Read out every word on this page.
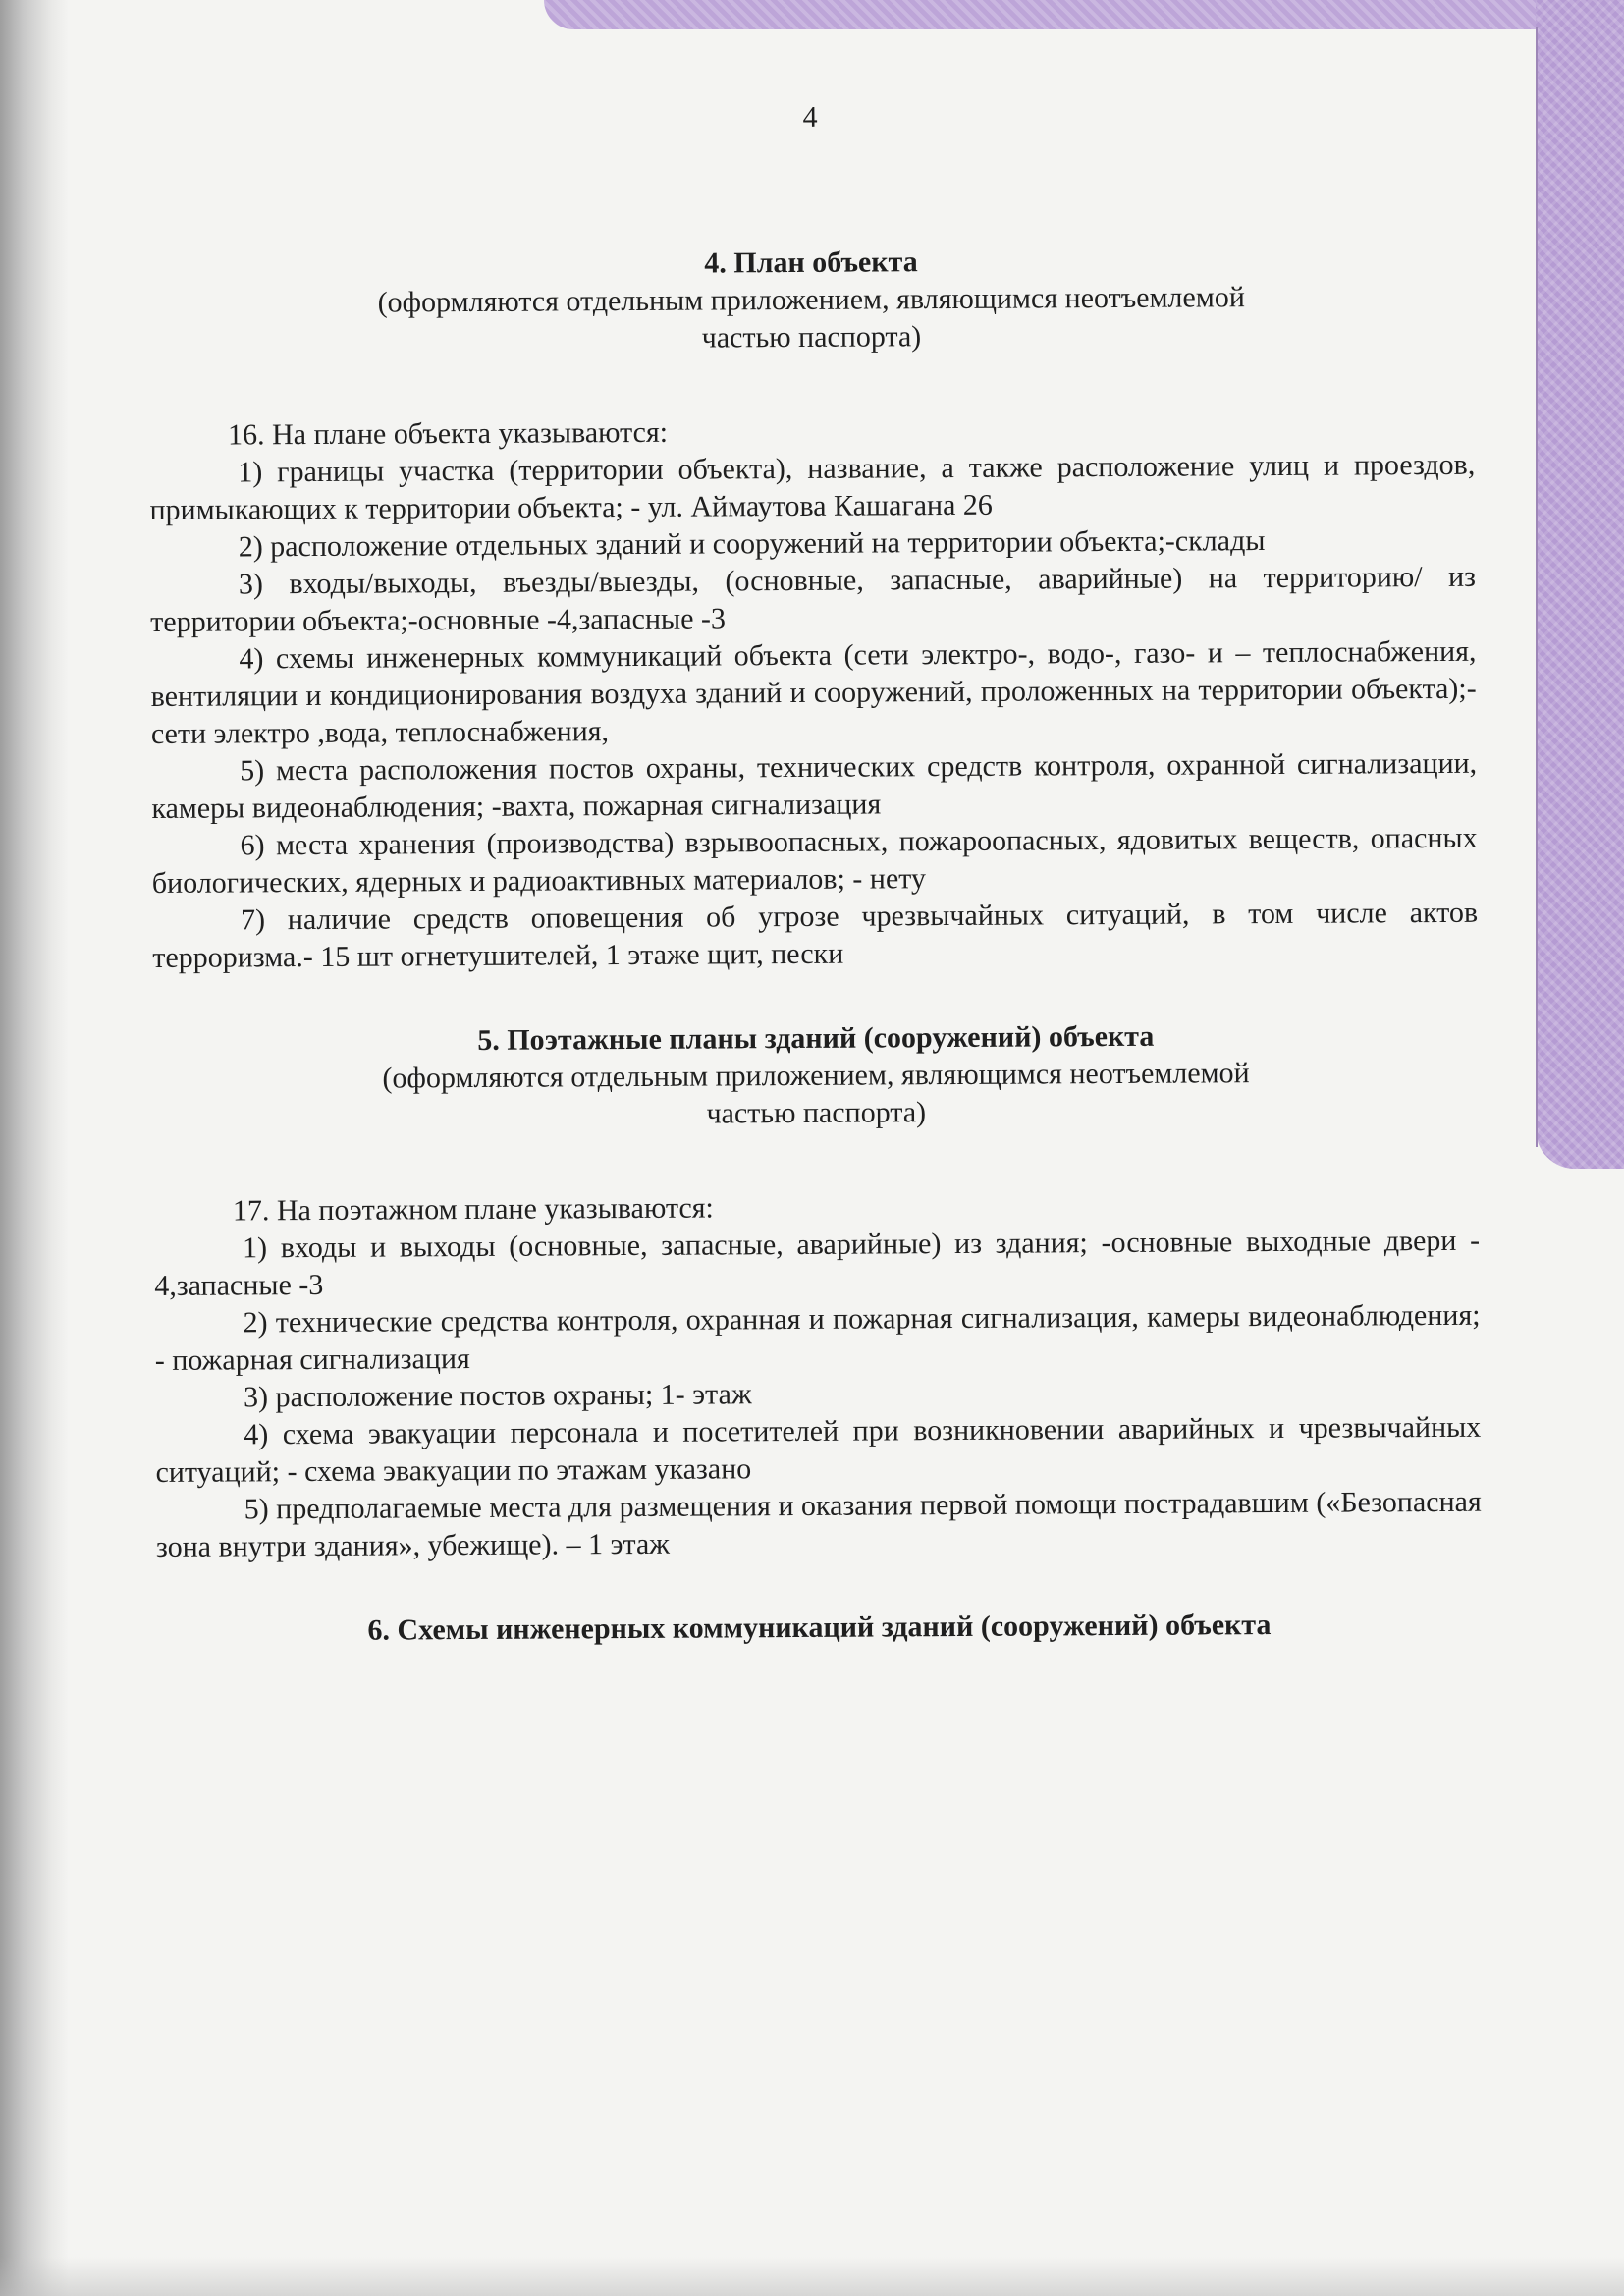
4

4. План объекта

(оформляются отдельным приложением, являющимся неотъемлемой

частью паспорта)

16. На плане объекта указываются:

1) границы участка (территории объекта), название, а также расположение улиц и проездов, примыкающих к территории объекта; - ул. Аймаутова Кашагана 26

2) расположение отдельных зданий и сооружений на территории объекта;-склады

3) входы/выходы, въезды/выезды, (основные, запасные, аварийные) на территорию/ из территории объекта;-основные -4,запасные -3

4) схемы инженерных коммуникаций объекта (сети электро-, водо-, газо- и – теплоснабжения, вентиляции и кондиционирования воздуха зданий и сооружений, проложенных на территории объекта);-сети электро ,вода, теплоснабжения,

5) места расположения постов охраны, технических средств контроля, охранной сигнализации, камеры видеонаблюдения; -вахта, пожарная сигнализация

6) места хранения (производства) взрывоопасных, пожароопасных, ядовитых веществ, опасных биологических, ядерных и радиоактивных материалов; - нету

7) наличие средств оповещения об угрозе чрезвычайных ситуаций, в том числе актов терроризма.- 15 шт огнетушителей, 1 этаже щит, пески

5. Поэтажные планы зданий (сооружений) объекта

(оформляются отдельным приложением, являющимся неотъемлемой

частью паспорта)

17. На поэтажном плане указываются:

1) входы и выходы (основные, запасные, аварийные) из здания; -основные выходные двери - 4,запасные -3

2) технические средства контроля, охранная и пожарная сигнализация, камеры видеонаблюдения; - пожарная сигнализация

3) расположение постов охраны; 1- этаж

4) схема эвакуации персонала и посетителей при возникновении аварийных и чрезвычайных ситуаций; - схема эвакуации по этажам указано

5) предполагаемые места для размещения и оказания первой помощи пострадавшим («Безопасная зона внутри здания», убежище). – 1 этаж

6. Схемы инженерных коммуникаций зданий (сооружений) объекта
